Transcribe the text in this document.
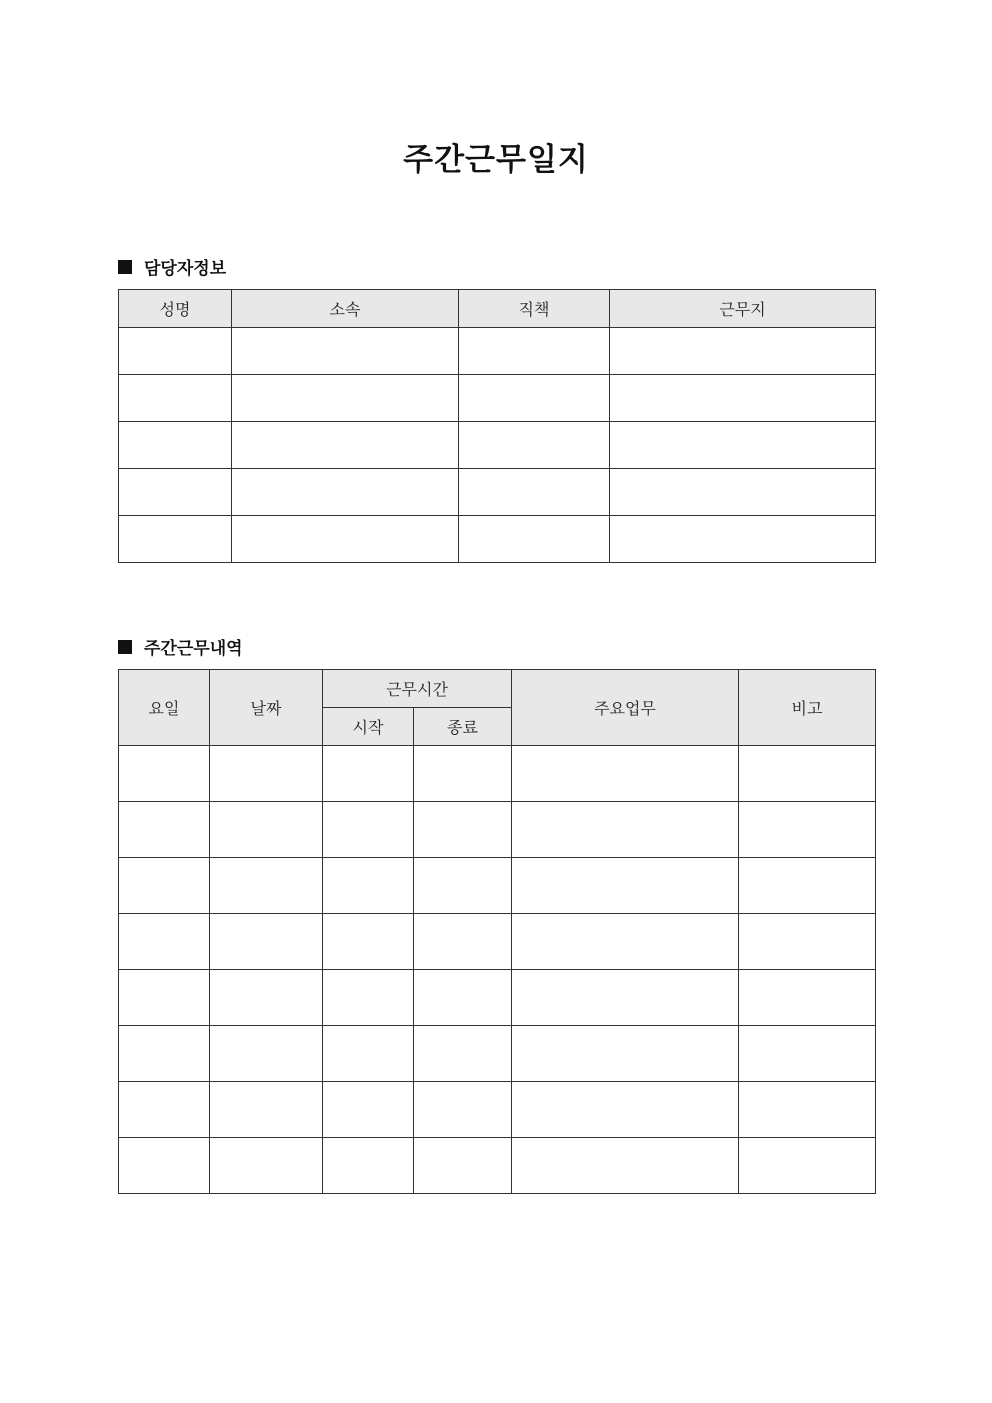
주간근무일지
담당자정보
성명	소속	직책	근무지

주간근무내역
요일	날짜	근무시간		주요업무	비고
		시작	종료		
